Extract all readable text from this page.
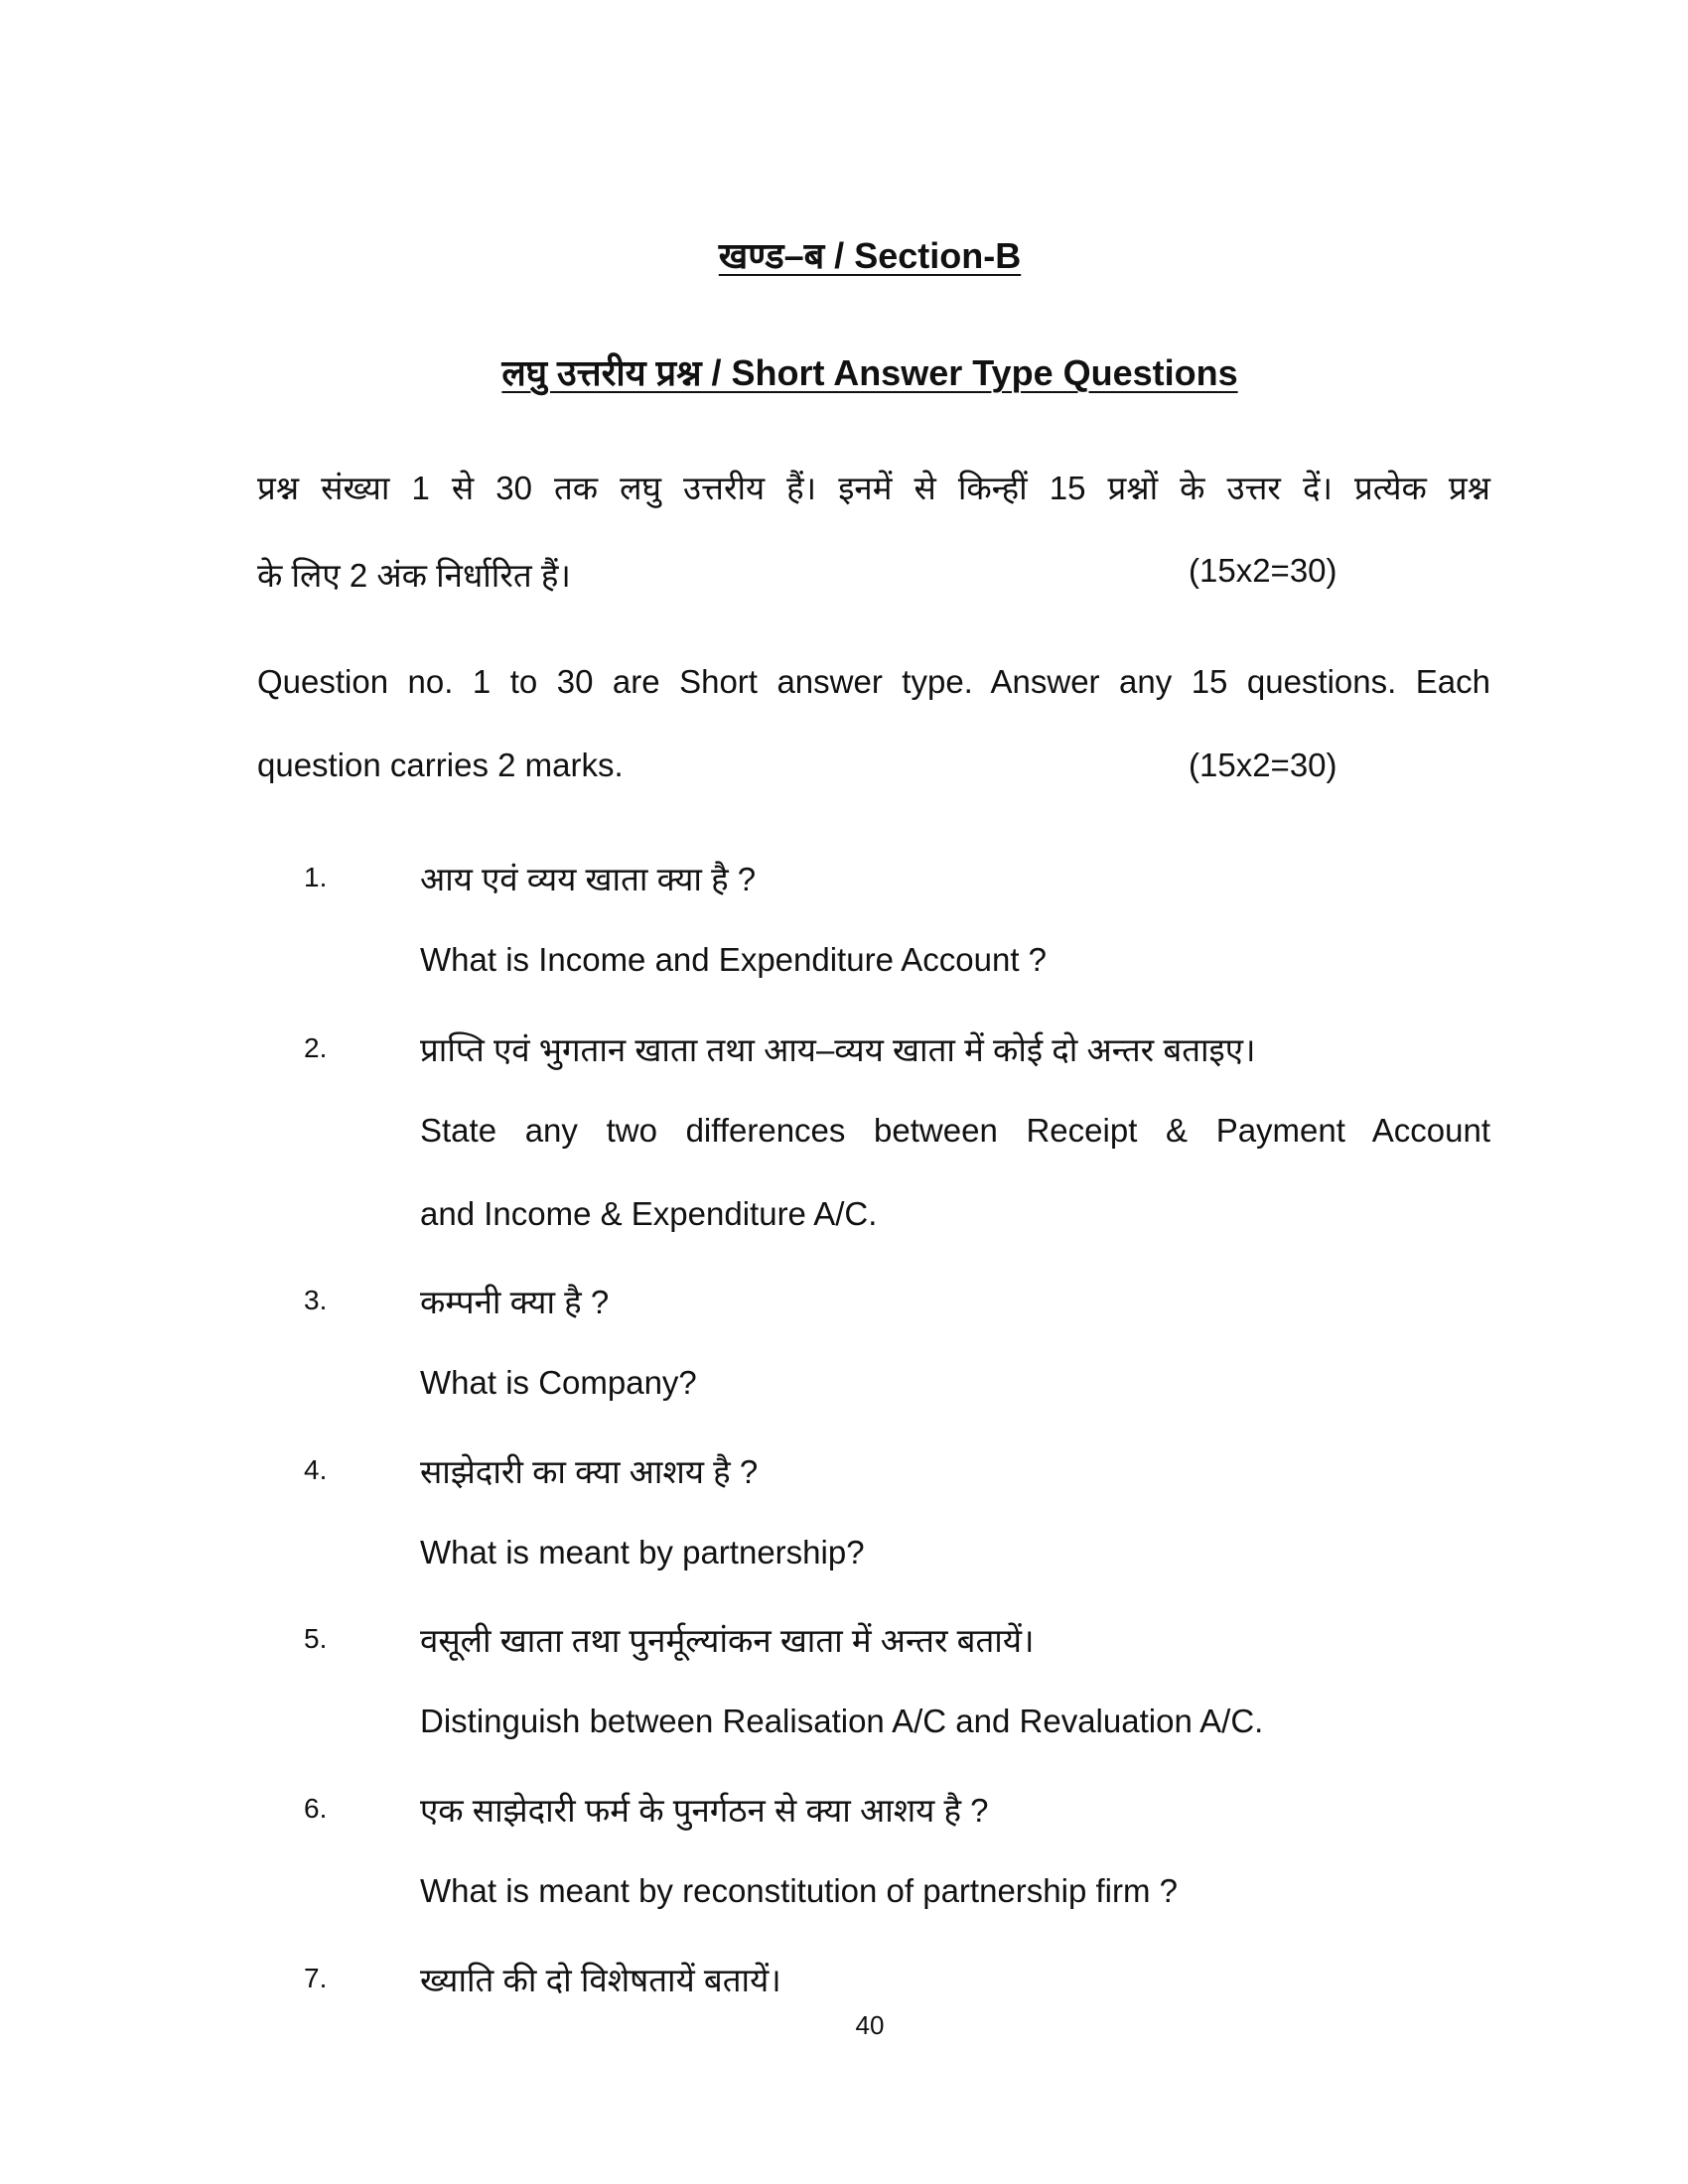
खण्ड–ब / Section-B
लघु उत्तरीय प्रश्न / Short Answer Type Questions
प्रश्न संख्या 1 से 30 तक लघु उत्तरीय हैं। इनमें से किन्हीं 15 प्रश्नों के उत्तर दें। प्रत्येक प्रश्न
के लिए 2 अंक निर्धारित हैं।	(15x2=30)
Question no. 1 to 30 are Short answer type. Answer any 15 questions. Each
question carries 2 marks.	(15x2=30)
1.	आय एवं व्यय खाता क्या है ?
What is Income and Expenditure Account ?
2.	प्राप्ति एवं भुगतान खाता तथा आय–व्यय खाता में कोई दो अन्तर बताइए।
State any two differences between Receipt & Payment Account
and Income & Expenditure A/C.
3.	कम्पनी क्या है ?
What is Company?
4.	साझेदारी का क्या आशय है ?
What is meant by partnership?
5.	वसूली खाता तथा पुनर्मूल्यांकन खाता में अन्तर बतायें।
Distinguish between Realisation A/C and Revaluation A/C.
6.	एक साझेदारी फर्म के पुनर्गठन से क्या आशय है ?
What is meant by reconstitution of partnership firm ?
7.	ख्याति की दो विशेषतायें बतायें।
40
